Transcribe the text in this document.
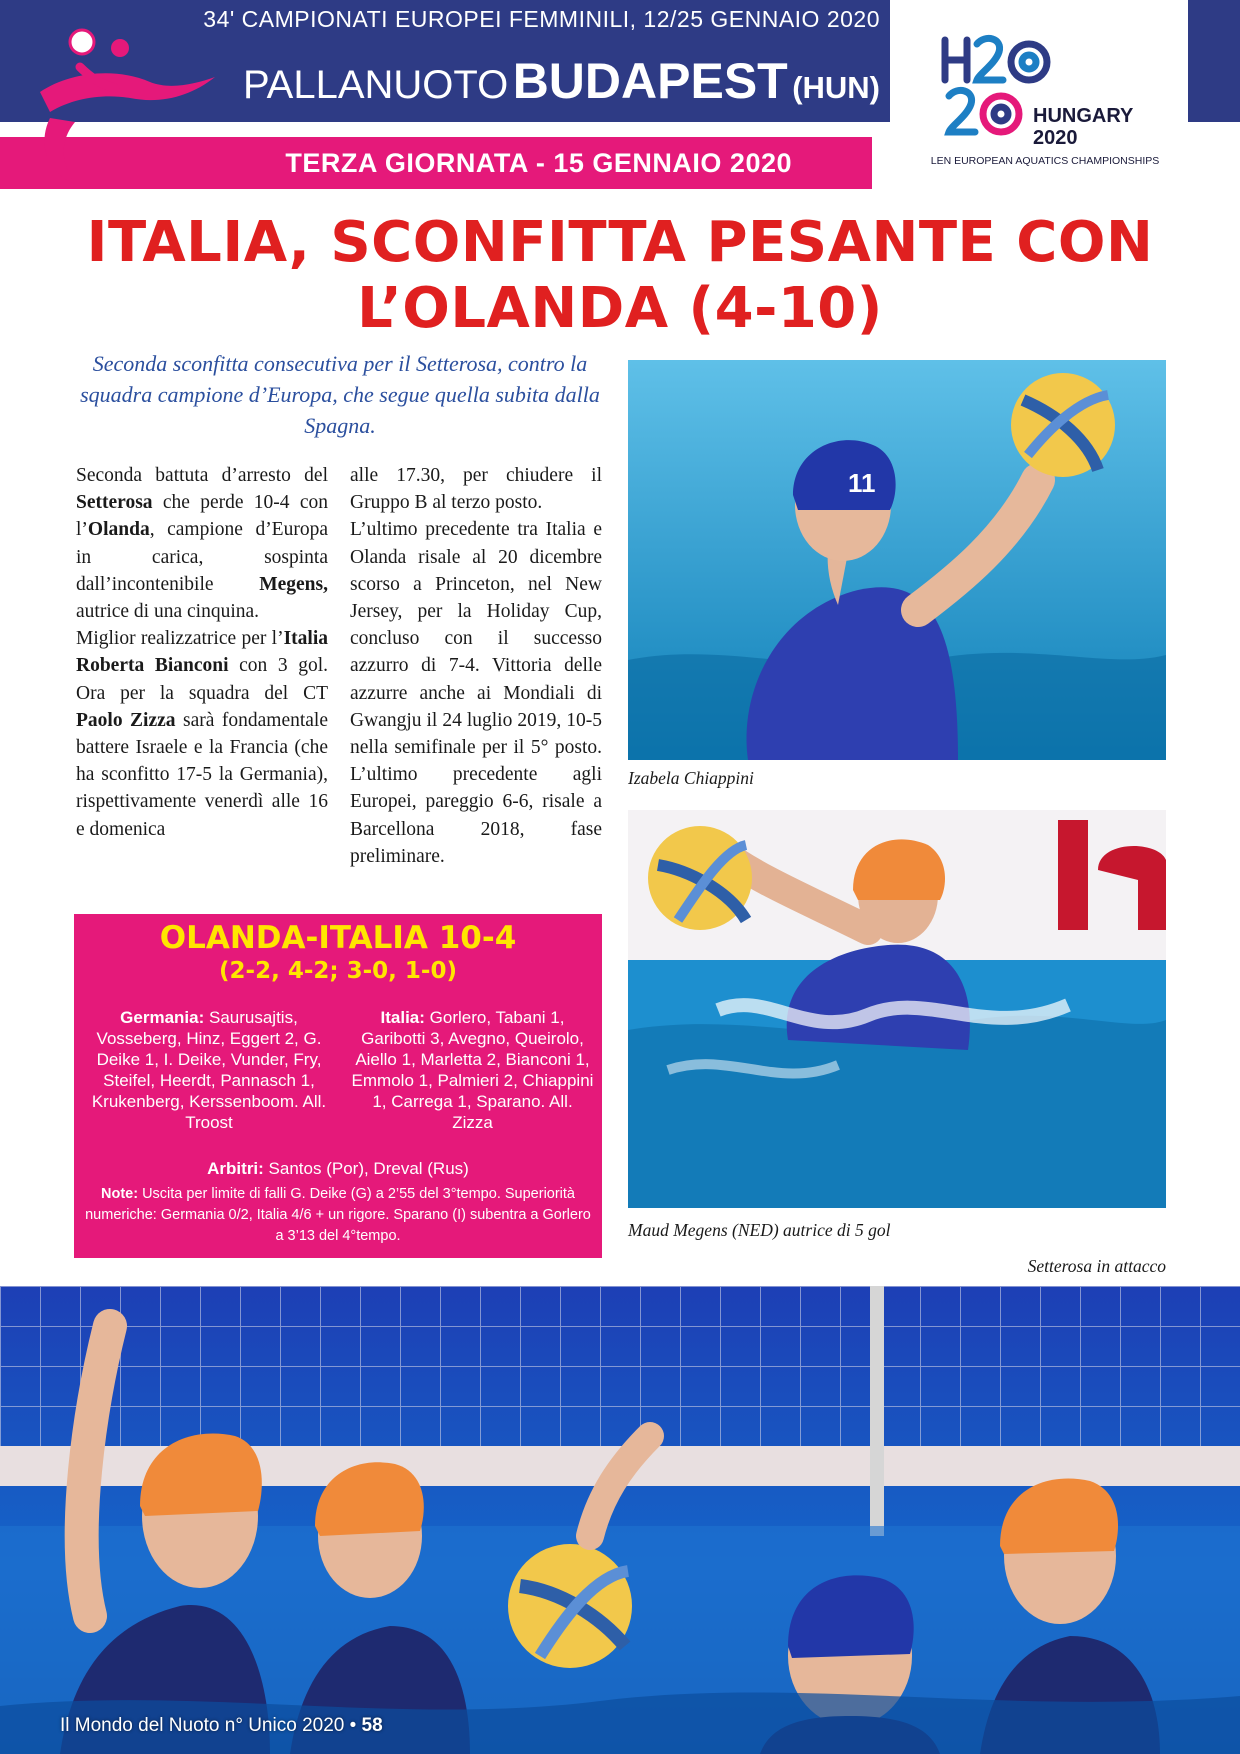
34' CAMPIONATI EUROPEI FEMMINILI, 12/25 GENNAIO 2020
PALLANUOTO BUDAPEST (HUN)
TERZA GIORNATA - 15 GENNAIO 2020
HUNGARY
2020
LEN EUROPEAN AQUATICS CHAMPIONSHIPS
ITALIA, SCONFITTA PESANTE CON
L’OLANDA (4-10)
Seconda sconfitta consecutiva per il Setterosa, contro la squadra campione d’Europa, che segue quella subita dalla Spagna.

Seconda battuta d’arresto del Setterosa che perde 10-4 con l’Olanda, campione d’Europa in carica, sospinta dall’incontenibile Megens, autrice di una cinquina.

Miglior realizzatrice per l’Italia Roberta Bianconi con 3 gol. Ora per la squadra del CT Paolo Zizza sarà fondamentale battere Israele e la Francia (che ha sconfitto 17-5 la Germania), rispettivamente venerdì alle 16 e domenica

alle 17.30, per chiudere il Gruppo B al terzo posto.

L’ultimo precedente tra Italia e Olanda risale al 20 dicembre scorso a Princeton, nel New Jersey, per la Holiday Cup, concluso con il successo azzurro di 7-4. Vittoria delle azzurre anche ai Mondiali di Gwangju il 24 luglio 2019, 10-5 nella semifinale per il 5° posto. L’ultimo precedente agli Europei, pareggio 6-6, risale a Barcellona 2018, fase preliminare.

OLANDA-ITALIA 10-4
(2-2, 4-2; 3-0, 1-0)
Germania: Saurusajtis, Vosseberg, Hinz, Eggert 2, G. Deike 1, I. Deike, Vunder, Fry, Steifel, Heerdt, Pannasch 1, Krukenberg, Kerssenboom. All. Troost
Italia: Gorlero, Tabani 1, Garibotti 3, Avegno, Queirolo, Aiello 1, Marletta 2, Bianconi 1, Emmolo 1, Palmieri 2, Chiappini 1, Carrega 1, Sparano. All. Zizza
Arbitri: Santos (Por), Dreval (Rus)
Note: Uscita per limite di falli G. Deike (G) a 2’55 del 3°tempo. Superiorità numeriche: Germania 0/2, Italia 4/6 + un rigore. Sparano (I) subentra a Gorlero a 3’13 del 4°tempo.
11
Izabela Chiappini
Maud Megens (NED) autrice di 5 gol
Setterosa in attacco
Il Mondo del Nuoto n° Unico 2020 • 58
